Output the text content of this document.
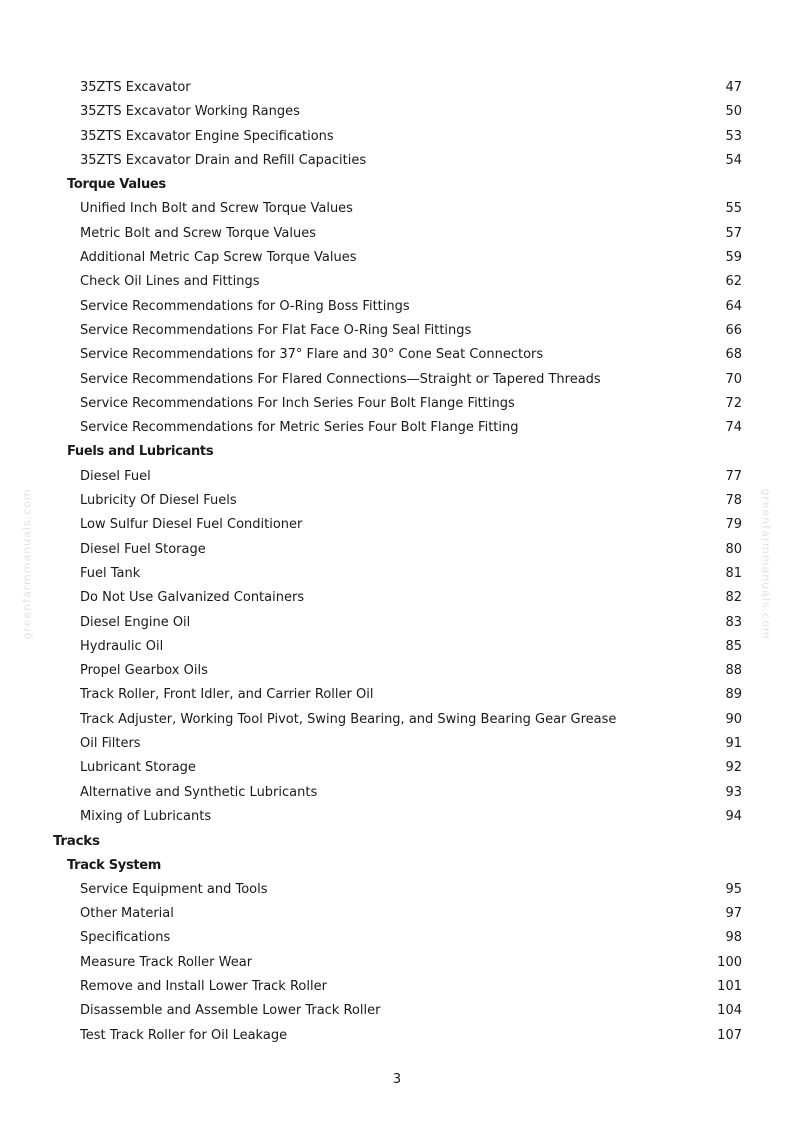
greenfarmmanuals.com	greenfarmmanuals.com
35ZTS Excavator	47
35ZTS Excavator Working Ranges	50
35ZTS Excavator Engine Specifications	53
35ZTS Excavator Drain and Refill Capacities	54
Torque Values
Unified Inch Bolt and Screw Torque Values	55
Metric Bolt and Screw Torque Values	57
Additional Metric Cap Screw Torque Values	59
Check Oil Lines and Fittings	62
Service Recommendations for O-Ring Boss Fittings	64
Service Recommendations For Flat Face O-Ring Seal Fittings	66
Service Recommendations for 37° Flare and 30° Cone Seat Connectors	68
Service Recommendations For Flared Connections—Straight or Tapered Threads	70
Service Recommendations For Inch Series Four Bolt Flange Fittings	72
Service Recommendations for Metric Series Four Bolt Flange Fitting	74
Fuels and Lubricants
Diesel Fuel	77
Lubricity Of Diesel Fuels	78
Low Sulfur Diesel Fuel Conditioner	79
Diesel Fuel Storage	80
Fuel Tank	81
Do Not Use Galvanized Containers	82
Diesel Engine Oil	83
Hydraulic Oil	85
Propel Gearbox Oils	88
Track Roller, Front Idler, and Carrier Roller Oil	89
Track Adjuster, Working Tool Pivot, Swing Bearing, and Swing Bearing Gear Grease	90
Oil Filters	91
Lubricant Storage	92
Alternative and Synthetic Lubricants	93
Mixing of Lubricants	94
Tracks
Track System
Service Equipment and Tools	95
Other Material	97
Specifications	98
Measure Track Roller Wear	100
Remove and Install Lower Track Roller	101
Disassemble and Assemble Lower Track Roller	104
Test Track Roller for Oil Leakage	107
3
